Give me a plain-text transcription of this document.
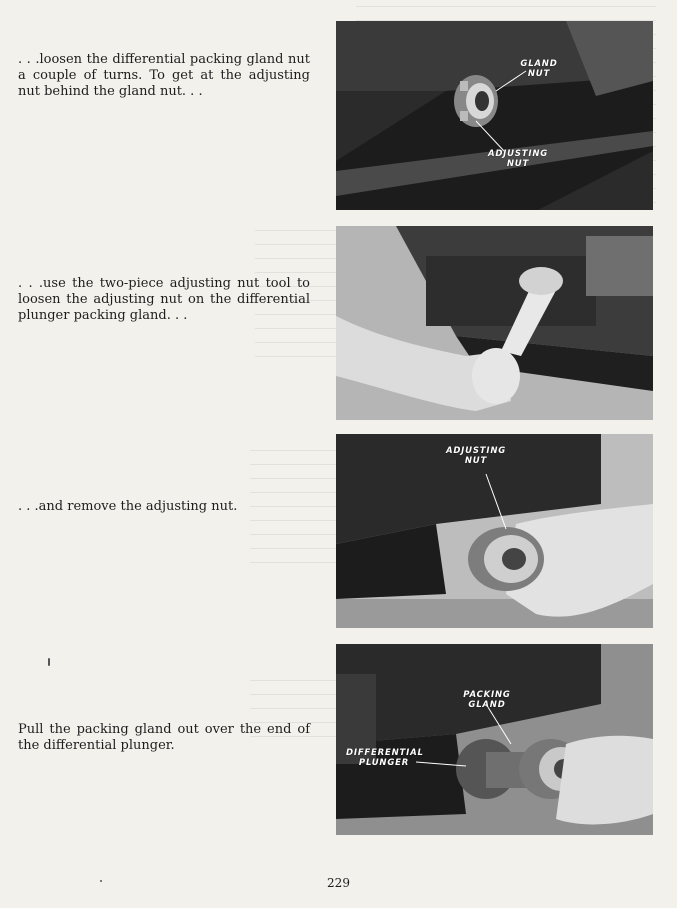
. . .loosen the differential packing gland nut a couple of turns. To get at the adjusting nut behind the gland nut. . .
. . .use the two-piece adjusting nut tool to loosen the adjusting nut on the differential plunger packing gland. . .
. . .and remove the adjusting nut.
Pull the packing gland out over the end of the differential plunger.
GLAND NUT
ADJUSTING NUT
ADJUSTING NUT
PACKING GLAND
DIFFERENTIAL PLUNGER
229
